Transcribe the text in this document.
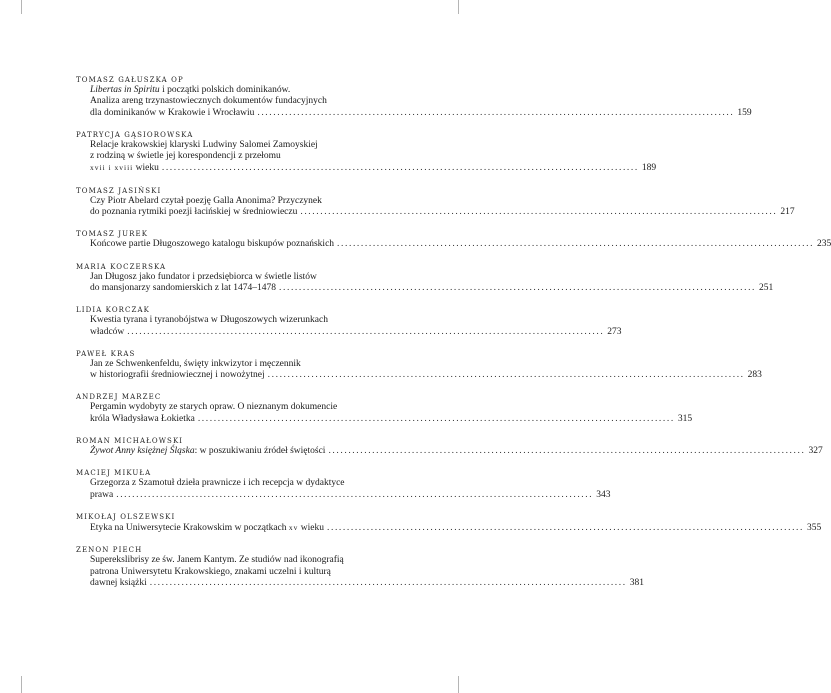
TOMASZ GAŁUSZKA OP
Libertas in Spiritu i początki polskich dominikanów.
Analiza areng trzynastowiecznych dokumentów fundacyjnych
dla dominikanów w Krakowie i Wrocławiu ........................................................................................................................ 159
PATRYCJA GĄSIOROWSKA
Relacje krakowskiej klaryski Ludwiny Salomei Zamoyskiej
z rodziną w świetle jej korespondencji z przełomu
xvii i xviii wieku ........................................................................................................................ 189
TOMASZ JASIŃSKI
Czy Piotr Abelard czytał poezję Galla Anonima? Przyczynek
do poznania rytmiki poezji łacińskiej w średniowieczu ........................................................................................................................ 217
TOMASZ JUREK
Końcowe partie Długoszowego katalogu biskupów poznańskich ........................................................................................................................ 235
MARIA KOCZERSKA
Jan Długosz jako fundator i przedsiębiorca w świetle listów
do mansjonarzy sandomierskich z lat 1474–1478 ........................................................................................................................ 251
LIDIA KORCZAK
Kwestia tyrana i tyranobójstwa w Długoszowych wizerunkach
władców ........................................................................................................................ 273
PAWEŁ KRAS
Jan ze Schwenkenfeldu, święty inkwizytor i męczennik
w historiografii średniowiecznej i nowożytnej ........................................................................................................................ 283
ANDRZEJ MARZEC
Pergamin wydobyty ze starych opraw. O nieznanym dokumencie
króla Władysława Łokietka ........................................................................................................................ 315
ROMAN MICHAŁOWSKI
Żywot Anny księżnej Śląska: w poszukiwaniu źródeł świętości ........................................................................................................................ 327
MACIEJ MIKUŁA
Grzegorza z Szamotuł dzieła prawnicze i ich recepcja w dydaktyce
prawa ........................................................................................................................ 343
MIKOŁAJ OLSZEWSKI
Etyka na Uniwersytecie Krakowskim w początkach xv wieku ........................................................................................................................ 355
ZENON PIECH
Superekslibrisy ze św. Janem Kantym. Ze studiów nad ikonografią
patrona Uniwersytetu Krakowskiego, znakami uczelni i kulturą
dawnej książki ........................................................................................................................ 381
